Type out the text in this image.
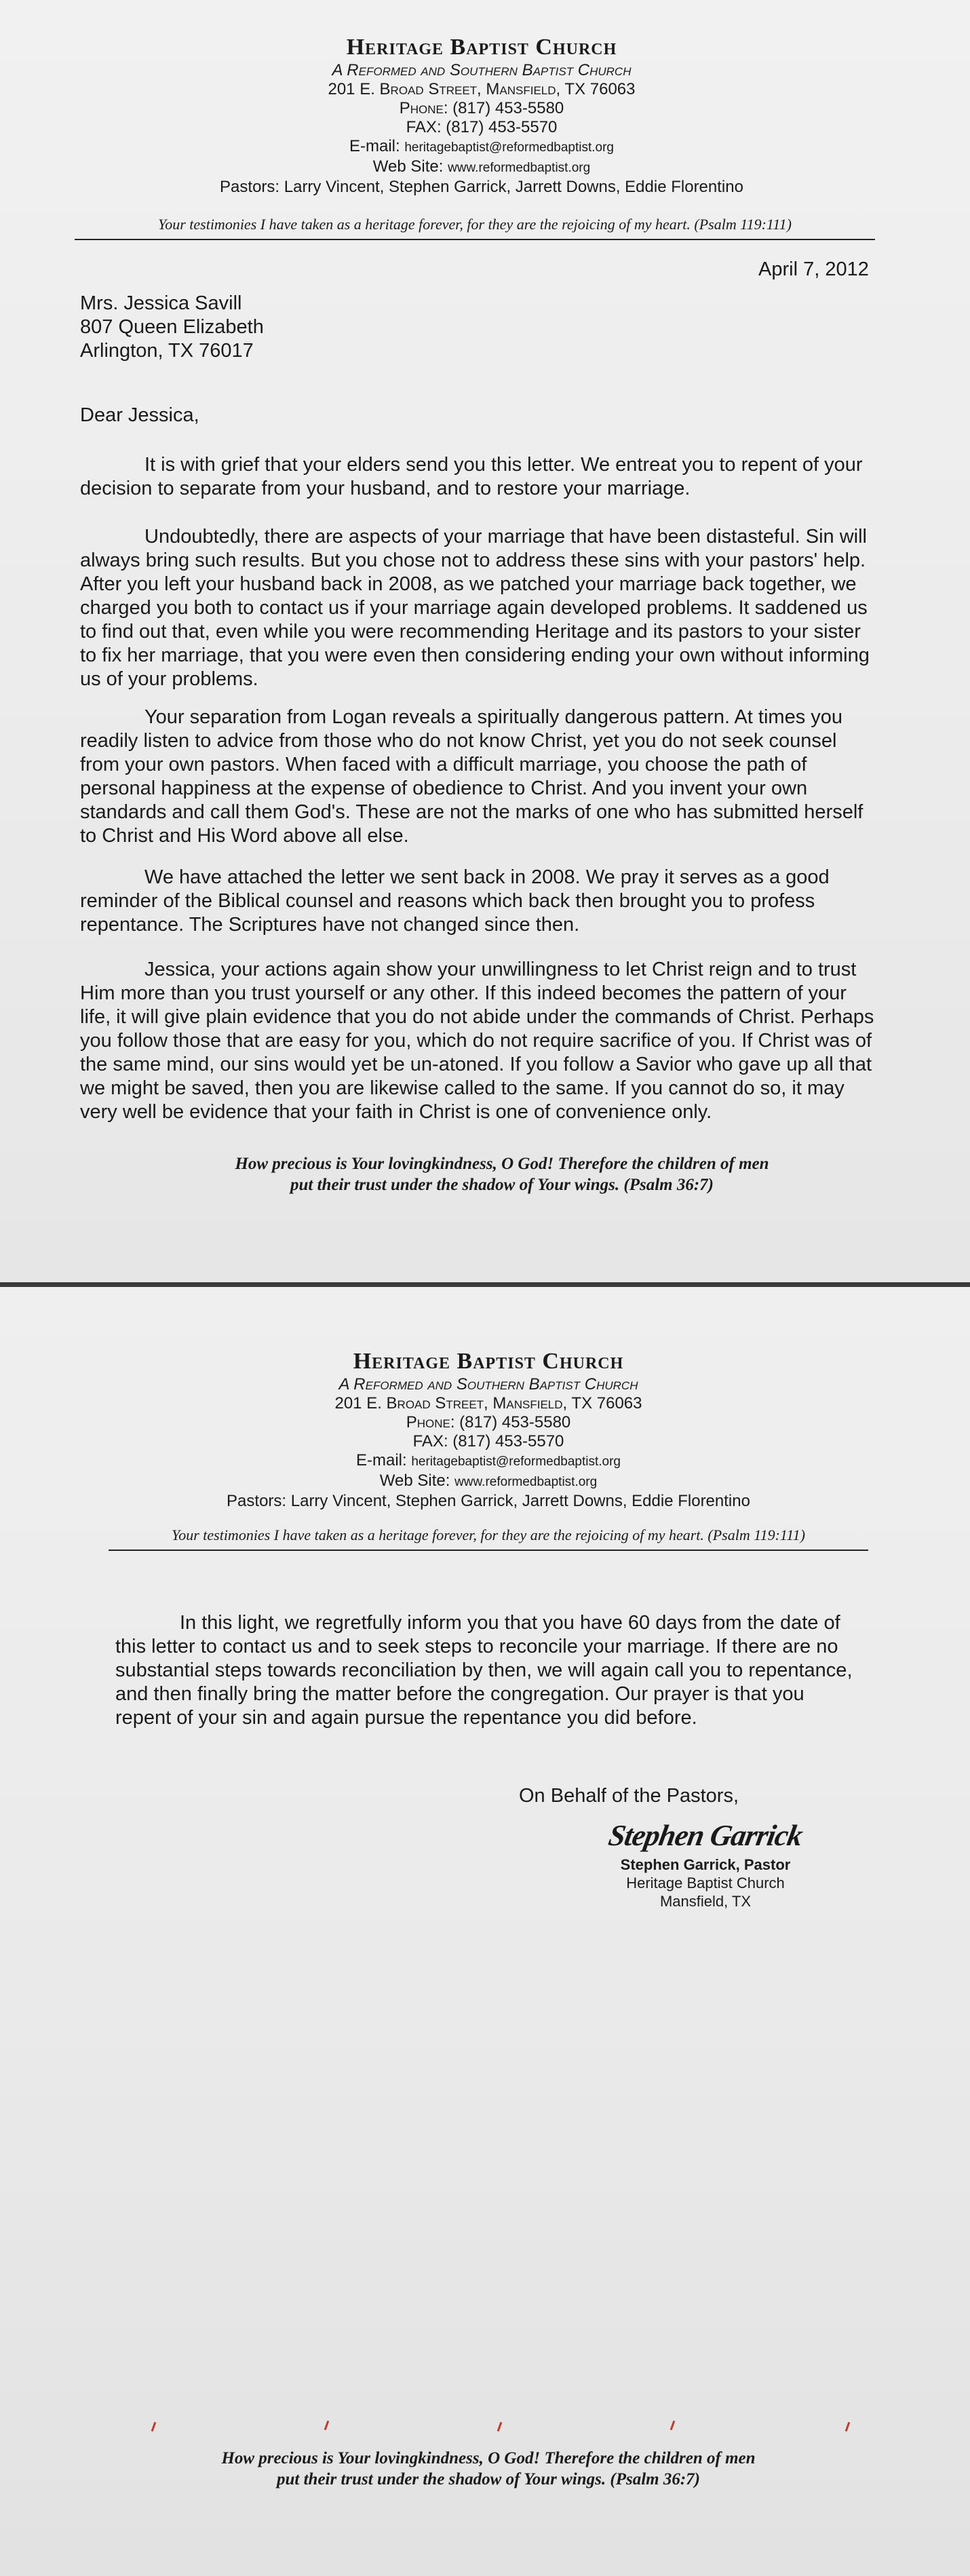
Heritage Baptist Church
A Reformed and Southern Baptist Church
201 E. Broad Street, Mansfield, TX 76063
Phone: (817) 453-5580
FAX: (817) 453-5570
E-mail: heritagebaptist@reformedbaptist.org
Web Site: www.reformedbaptist.org
Pastors: Larry Vincent, Stephen Garrick, Jarrett Downs, Eddie Florentino
Your testimonies I have taken as a heritage forever, for they are the rejoicing of my heart. (Psalm 119:111)
April 7, 2012
Mrs. Jessica Savill
807 Queen Elizabeth
Arlington, TX 76017
Dear Jessica,
It is with grief that your elders send you this letter. We entreat you to repent of your decision to separate from your husband, and to restore your marriage.
Undoubtedly, there are aspects of your marriage that have been distasteful. Sin will always bring such results. But you chose not to address these sins with your pastors' help. After you left your husband back in 2008, as we patched your marriage back together, we charged you both to contact us if your marriage again developed problems. It saddened us to find out that, even while you were recommending Heritage and its pastors to your sister to fix her marriage, that you were even then considering ending your own without informing us of your problems.
Your separation from Logan reveals a spiritually dangerous pattern. At times you readily listen to advice from those who do not know Christ, yet you do not seek counsel from your own pastors. When faced with a difficult marriage, you choose the path of personal happiness at the expense of obedience to Christ. And you invent your own standards and call them God's. These are not the marks of one who has submitted herself to Christ and His Word above all else.
We have attached the letter we sent back in 2008. We pray it serves as a good reminder of the Biblical counsel and reasons which back then brought you to profess repentance. The Scriptures have not changed since then.
Jessica, your actions again show your unwillingness to let Christ reign and to trust Him more than you trust yourself or any other. If this indeed becomes the pattern of your life, it will give plain evidence that you do not abide under the commands of Christ. Perhaps you follow those that are easy for you, which do not require sacrifice of you. If Christ was of the same mind, our sins would yet be un-atoned. If you follow a Savior who gave up all that we might be saved, then you are likewise called to the same. If you cannot do so, it may very well be evidence that your faith in Christ is one of convenience only.
How precious is Your lovingkindness, O God! Therefore the children of men
put their trust under the shadow of Your wings. (Psalm 36:7)
Heritage Baptist Church
A Reformed and Southern Baptist Church
201 E. Broad Street, Mansfield, TX 76063
Phone: (817) 453-5580
FAX: (817) 453-5570
E-mail: heritagebaptist@reformedbaptist.org
Web Site: www.reformedbaptist.org
Pastors: Larry Vincent, Stephen Garrick, Jarrett Downs, Eddie Florentino
Your testimonies I have taken as a heritage forever, for they are the rejoicing of my heart. (Psalm 119:111)
In this light, we regretfully inform you that you have 60 days from the date of this letter to contact us and to seek steps to reconcile your marriage. If there are no substantial steps towards reconciliation by then, we will again call you to repentance, and then finally bring the matter before the congregation. Our prayer is that you repent of your sin and again pursue the repentance you did before.
On Behalf of the Pastors,
Stephen Garrick
Stephen Garrick, Pastor
Heritage Baptist Church
Mansfield, TX
How precious is Your lovingkindness, O God! Therefore the children of men
put their trust under the shadow of Your wings. (Psalm 36:7)
